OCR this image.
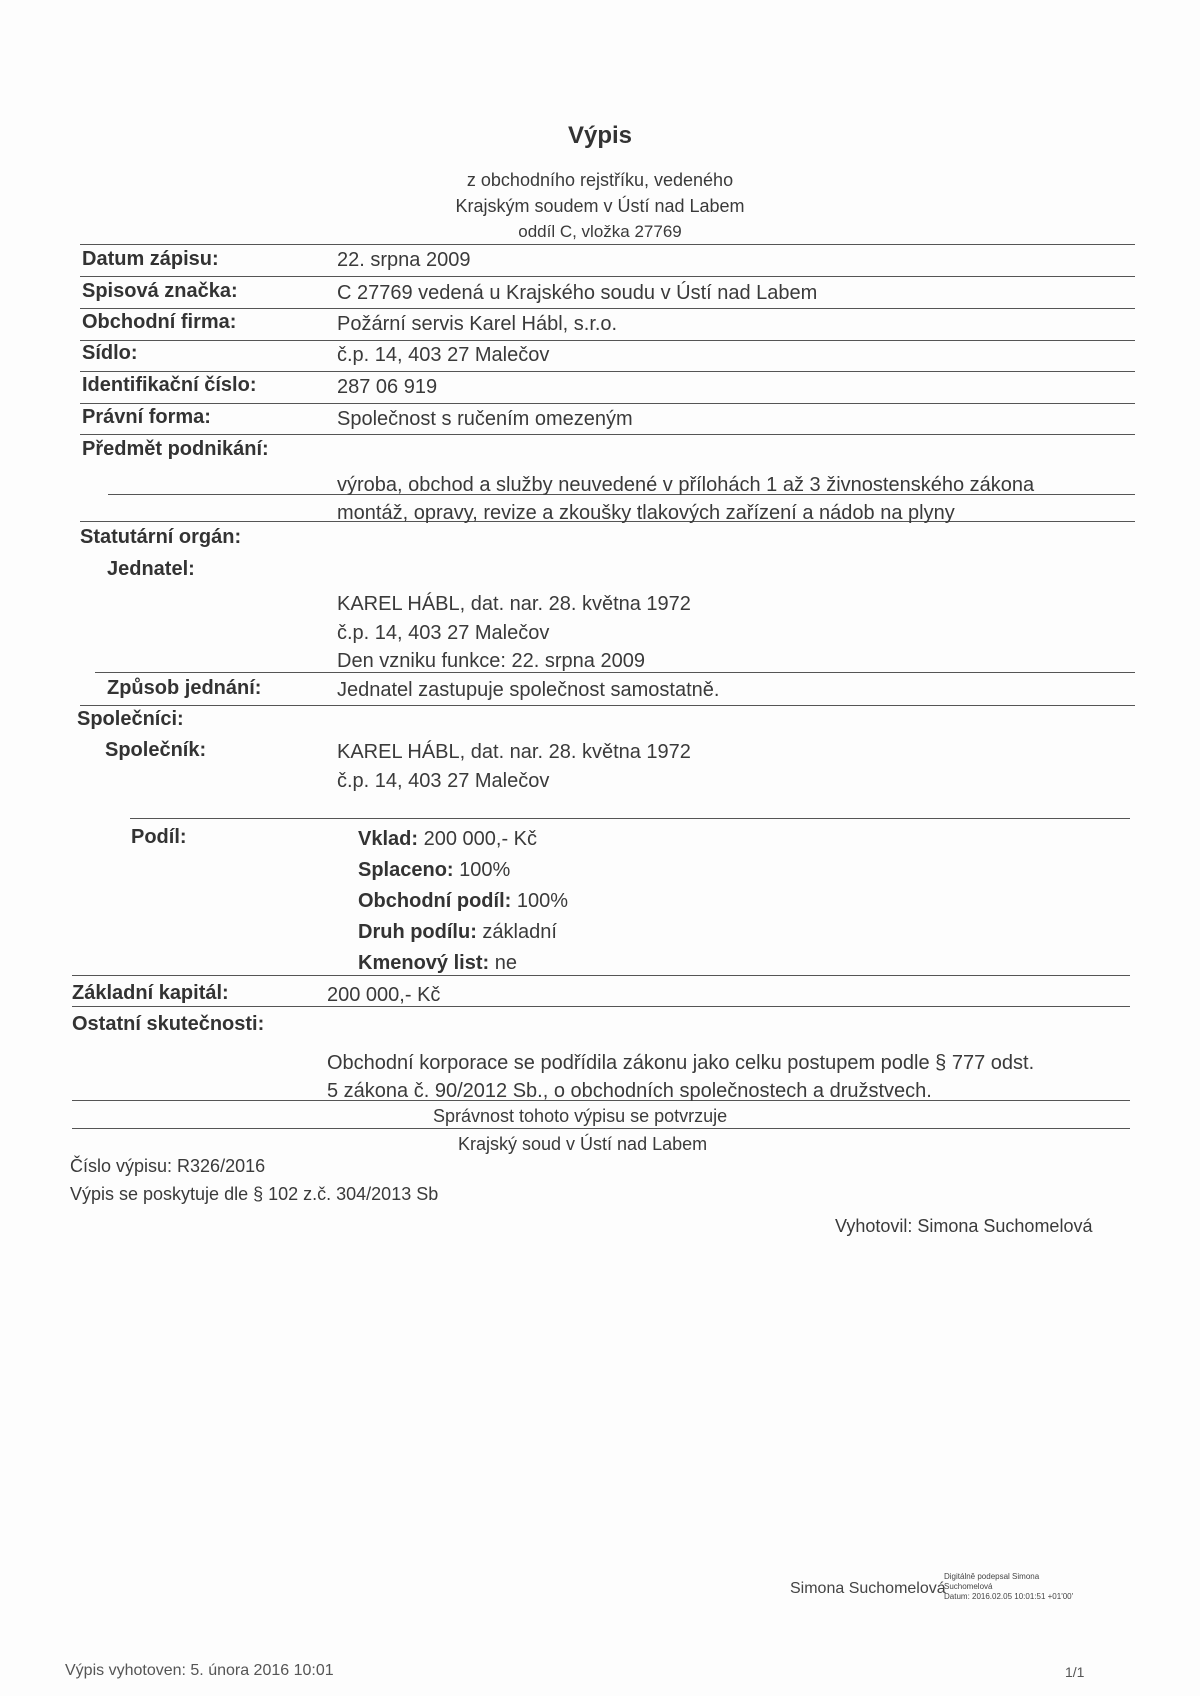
Výpis
z obchodního rejstříku, vedeného
Krajským soudem v Ústí nad Labem
oddíl C, vložka 27769
Datum zápisu:	22. srpna 2009
Spisová značka:	C 27769 vedená u Krajského soudu v Ústí nad Labem
Obchodní firma:	Požární servis Karel Hábl, s.r.o.
Sídlo:	č.p. 14, 403 27 Malečov
Identifikační číslo:	287 06 919
Právní forma:	Společnost s ručením omezeným
Předmět podnikání:
výroba, obchod a služby neuvedené v přílohách 1 až 3 živnostenského zákona
montáž, opravy, revize a zkoušky tlakových zařízení a nádob na plyny
Statutární orgán:
Jednatel:
KAREL HÁBL, dat. nar. 28. května 1972
č.p. 14, 403 27 Malečov
Den vzniku funkce: 22. srpna 2009
Způsob jednání:	Jednatel zastupuje společnost samostatně.
Společníci:
Společník:	KAREL HÁBL, dat. nar. 28. května 1972
č.p. 14, 403 27 Malečov
Podíl:	Vklad: 200 000,- Kč
Splaceno: 100%
Obchodní podíl: 100%
Druh podílu: základní
Kmenový list: ne
Základní kapitál:	200 000,- Kč
Ostatní skutečnosti:
Obchodní korporace se podřídila zákonu jako celku postupem podle § 777 odst.
5 zákona č. 90/2012 Sb., o obchodních společnostech a družstvech.
Správnost tohoto výpisu se potvrzuje
Krajský soud v Ústí nad Labem
Číslo výpisu: R326/2016
Výpis se poskytuje dle § 102 z.č. 304/2013 Sb
Vyhotovil: Simona Suchomelová
Simona Suchomelová
Digitálně podepsal Simona
Suchomelová
Datum: 2016.02.05 10:01:51 +01'00'
Výpis vyhotoven: 5. února 2016 10:01	1/1
